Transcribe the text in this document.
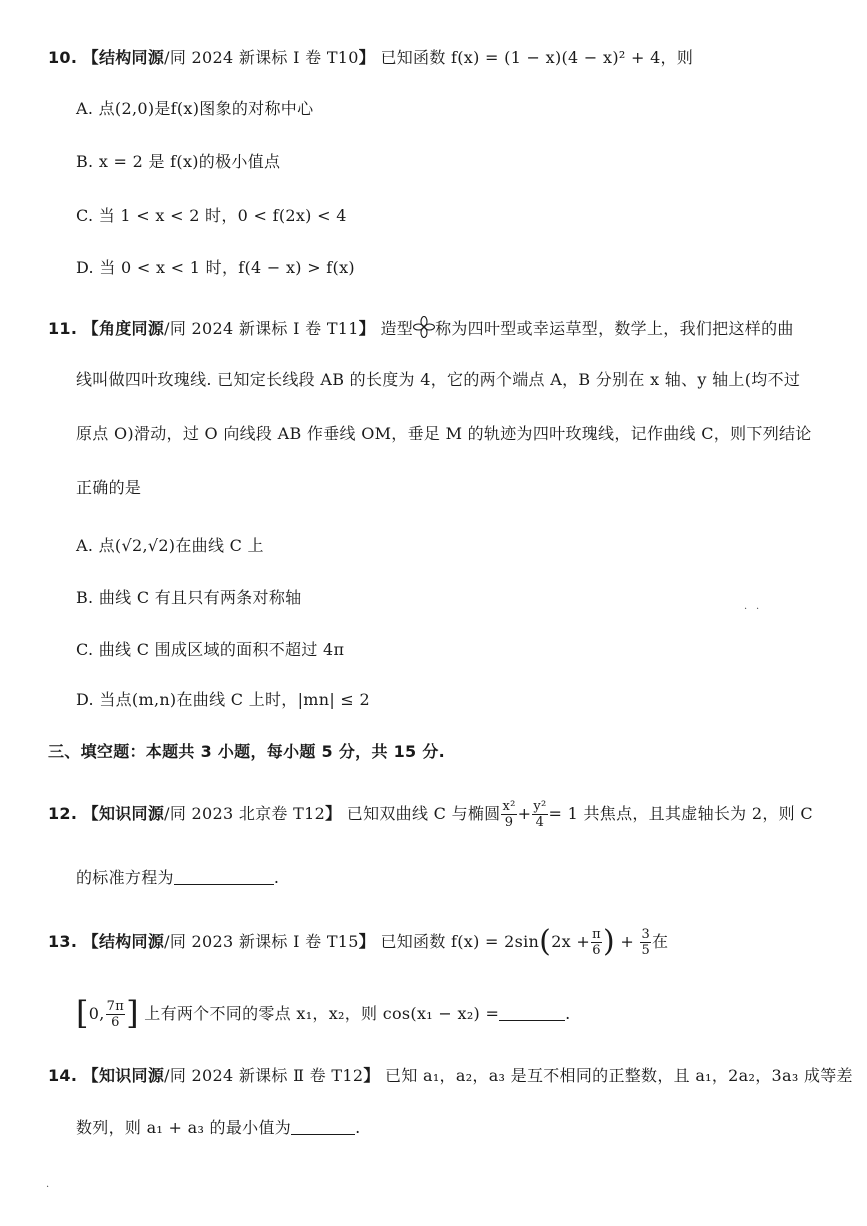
10. 【结构同源/同 2024 新课标 Ⅰ 卷 T10】 已知函数 f(x) = (1 − x)(4 − x)² + 4，则
A. 点(2,0)是f(x)图象的对称中心
B. x = 2 是 f(x)的极小值点
C. 当 1 < x < 2 时，0 < f(2x) < 4
D. 当 0 < x < 1 时，f(4 − x) > f(x)
11. 【角度同源/同 2024 新课标 Ⅰ 卷 T11】 造型 称为四叶型或幸运草型，数学上，我们把这样的曲
线叫做四叶玫瑰线. 已知定长线段 AB 的长度为 4，它的两个端点 A，B 分别在 x 轴、y 轴上(均不过
原点 O)滑动，过 O 向线段 AB 作垂线 OM，垂足 M 的轨迹为四叶玫瑰线，记作曲线 C，则下列结论
正确的是
A. 点(√2,√2)在曲线 C 上
B. 曲线 C 有且只有两条对称轴
C. 曲线 C 围成区域的面积不超过 4π
D. 当点(m,n)在曲线 C 上时，|mn| ≤ 2
三、填空题：本题共 3 小题，每小题 5 分，共 15 分.
12. 【知识同源/同 2023 北京卷 T12】 已知双曲线 C 与椭圆 $\frac{\text{x²}}{9} + \frac{\text{y²}}{4} = 1$ 共焦点，且其虚轴长为 2，则 C
的标准方程为	.
13. 【结构同源/同 2023 新课标 Ⅰ 卷 T15】 已知函数 $f(x) = 2\sin(2x + \frac{\pi}{6}$ ) + $\frac{3}{5}$ 在
[0, $\frac{7\pi}{6}$ ] 上有两个不同的零点 x₁，x₂，则 cos(x₁ − x₂) =	.
14. 【知识同源/同 2024 新课标 Ⅱ 卷 T12】 已知 a₁，a₂，a₃ 是互不相同的正整数，且 a₁，2a₂，3a₃ 成等差
数列，则 a₁ + a₃ 的最小值为	.
· ·
·
